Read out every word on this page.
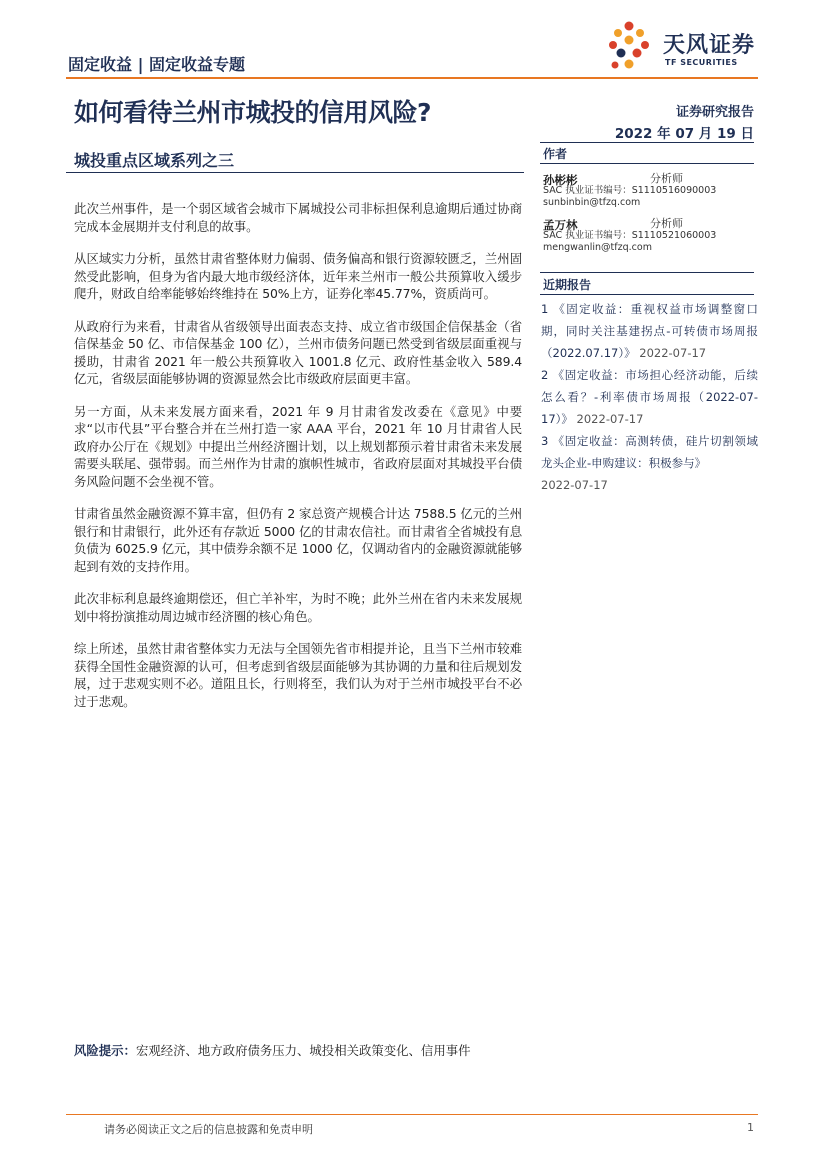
固定收益 | 固定收益专题
天风证券
TF SECURITIES
如何看待兰州市城投的信用风险?
城投重点区域系列之三
证券研究报告
2022 年 07 月 19 日
作者
孙彬彬	分析师
SAC 执业证书编号：S1110516090003
sunbinbin@tfzq.com
孟万林	分析师
SAC 执业证书编号：S1110521060003
mengwanlin@tfzq.com
近期报告
1 《固定收益：重视权益市场调整窗口期，同时关注基建拐点-可转债市场周报（2022.07.17）》 2022-07-17
2 《固定收益：市场担心经济动能，后续怎么看？-利率债市场周报（2022-07-17）》 2022-07-17
3 《固定收益：高测转债，硅片切割领域龙头企业-申购建议：积极参与》
2022-07-17

此次兰州事件，是一个弱区域省会城市下属城投公司非标担保利息逾期后通过协商完成本金展期并支付利息的故事。

从区域实力分析，虽然甘肃省整体财力偏弱、债务偏高和银行资源较匮乏，兰州固然受此影响，但身为省内最大地市级经济体，近年来兰州市一般公共预算收入缓步爬升，财政自给率能够始终维持在 50%上方，证券化率45.77%，资质尚可。

从政府行为来看，甘肃省从省级领导出面表态支持、成立省市级国企信保基金（省信保基金 50 亿、市信保基金 100 亿），兰州市债务问题已然受到省级层面重视与援助，甘肃省 2021 年一般公共预算收入 1001.8 亿元、政府性基金收入 589.4 亿元，省级层面能够协调的资源显然会比市级政府层面更丰富。

另一方面，从未来发展方面来看，2021 年 9 月甘肃省发改委在《意见》中要求“以市代县”平台整合并在兰州打造一家 AAA 平台，2021 年 10 月甘肃省人民政府办公厅在《规划》中提出兰州经济圈计划，以上规划都预示着甘肃省未来发展需要头联尾、强带弱。而兰州作为甘肃的旗帜性城市，省政府层面对其城投平台债务风险问题不会坐视不管。

甘肃省虽然金融资源不算丰富，但仍有 2 家总资产规模合计达 7588.5 亿元的兰州银行和甘肃银行，此外还有存款近 5000 亿的甘肃农信社。而甘肃省全省城投有息负债为 6025.9 亿元，其中债券余额不足 1000 亿，仅调动省内的金融资源就能够起到有效的支持作用。

此次非标利息最终逾期偿还，但亡羊补牢，为时不晚；此外兰州在省内未来发展规划中将扮演推动周边城市经济圈的核心角色。

综上所述，虽然甘肃省整体实力无法与全国领先省市相提并论，且当下兰州市较难获得全国性金融资源的认可，但考虑到省级层面能够为其协调的力量和往后规划发展，过于悲观实则不必。道阻且长，行则将至，我们认为对于兰州市城投平台不必过于悲观。

风险提示：宏观经济、地方政府债务压力、城投相关政策变化、信用事件
请务必阅读正文之后的信息披露和免责申明	1
